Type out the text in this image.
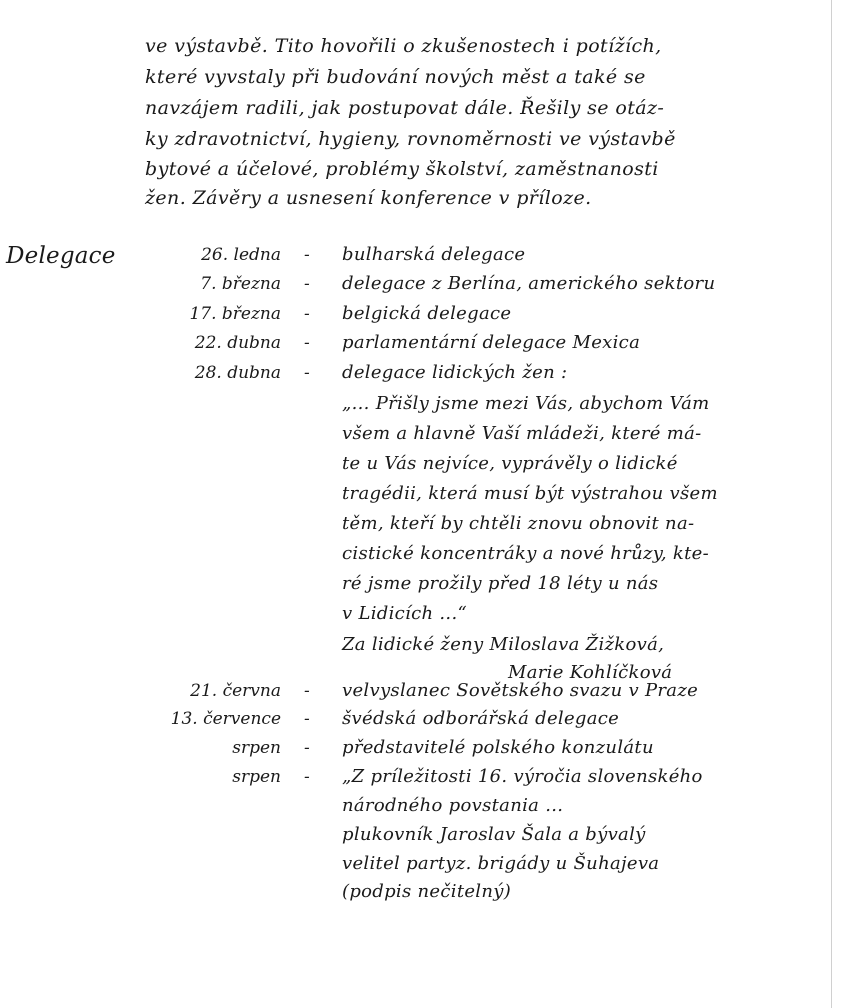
ve výstavbě. Tito hovořili o zkušenostech i potížích,
které vyvstaly při budování nových měst a také se
navzájem radili, jak postupovat dále. Řešily se otáz-
ky zdravotnictví, hygieny, rovnoměrnosti ve výstavbě
bytové a účelové, problémy školství, zaměstnanosti
žen. Závěry a usnesení konference v příloze.
Delegace	26. ledna - bulharská delegace
7. března - delegace z Berlína, amerického sektoru
17. března - belgická delegace
22. dubna - parlamentární delegace Mexica
28. dubna - delegace lidických žen :
„... Přišly jsme mezi Vás, abychom Vám
všem a hlavně Vaší mládeži, které má-
te u Vás nejvíce, vyprávěly o lidické
tragédii, která musí být výstrahou všem
těm, kteří by chtěli znovu obnovit na-
cistické koncentráky a nové hrůzy, kte-
ré jsme prožily před 18 léty u nás
v Lidicích ...“
Za lidické ženy Miloslava Žižková,
Marie Kohlíčková
21. června - velvyslanec Sovětského svazu v Praze
13. července - švédská odborářská delegace
srpen - představitelé polského konzulátu
srpen - „Z príležitosti 16. výročia slovenského
národného povstania ...
plukovník Jaroslav Šala a bývalý
velitel partyz. brigády u Šuhajeva
(podpis nečitelný)
